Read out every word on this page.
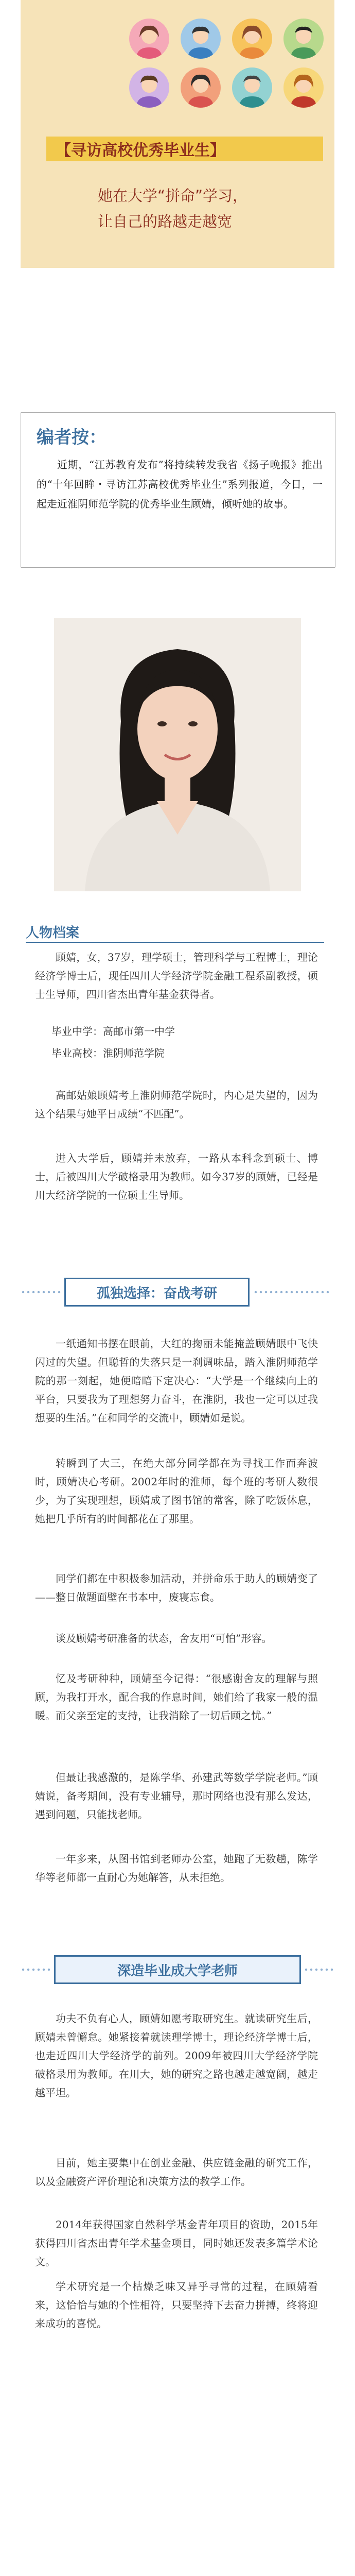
【寻访高校优秀毕业生】
她在大学“拼命”学习，
让自己的路越走越宽
编者按：
近期，“江苏教育发布”将持续转发我省《扬子晚报》推出的“十年回眸・寻访江苏高校优秀毕业生”系列报道，今日，一起走近淮阴师范学院的优秀毕业生顾婧，倾听她的故事。
人物档案
顾婧，女，37岁，理学硕士，管理科学与工程博士，理论经济学博士后，现任四川大学经济学院金融工程系副教授，硕士生导师，四川省杰出青年基金获得者。
毕业中学：高邮市第一中学
毕业高校：淮阴师范学院
高邮姑娘顾婧考上淮阴师范学院时，内心是失望的，因为这个结果与她平日成绩“不匹配”。
进入大学后，顾婧并未放弃，一路从本科念到硕士、博士，后被四川大学破格录用为教师。如今37岁的顾婧，已经是川大经济学院的一位硕士生导师。
孤独选择：奋战考研
一纸通知书摆在眼前，大红的掬丽未能掩盖顾婧眼中飞快闪过的失望。但聪哲的失落只是一刹调味品，踏入淮阴师范学院的那一刻起，她便暗暗下定决心：“大学是一个继续向上的平台，只要我为了理想努力奋斗，在淮阴，我也一定可以过我想要的生活。”在和同学的交流中，顾婧如是说。
转瞬到了大三，在绝大部分同学都在为寻找工作而奔波时，顾婧决心考研。2002年时的淮师，每个班的考研人数很少，为了实现理想，顾婧成了图书馆的常客，除了吃饭休息，她把几乎所有的时间都花在了那里。
同学们都在中积极参加活动，并拼命乐于助人的顾婧变了——整日做题面壁在书本中，废寝忘食。
谈及顾婧考研准备的状态，舍友用“可怕”形容。
忆及考研种种，顾婧至今记得：“很感谢舍友的理解与照顾，为我打开水，配合我的作息时间，她们给了我家一般的温暖。而父亲至定的支持，让我消除了一切后顾之忧。”
但最让我感激的，是陈学华、孙建武等数学学院老师。”顾婧说，备考期间，没有专业辅导，那时网络也没有那么发达，遇到问题，只能找老师。
一年多来，从图书馆到老师办公室，她跑了无数趟，陈学华等老师都一直耐心为她解答，从未拒绝。
深造毕业成大学老师
功夫不负有心人，顾婧如愿考取研究生。就读研究生后，顾婧未曾懈怠。她紧接着就读理学博士，理论经济学博士后，也走近四川大学经济学的前列。2009年被四川大学经济学院破格录用为教师。在川大，她的研究之路也越走越宽阔，越走越平坦。
目前，她主要集中在创业金融、供应链金融的研究工作，以及金融资产评价理论和决策方法的教学工作。
2014年获得国家自然科学基金青年项目的资助，2015年获得四川省杰出青年学术基金项目，同时她还发表多篇学术论文。
学术研究是一个枯燥乏味又异乎寻常的过程，在顾婧看来，这恰恰与她的个性相符，只要坚持下去奋力拼搏，终将迎来成功的喜悦。
